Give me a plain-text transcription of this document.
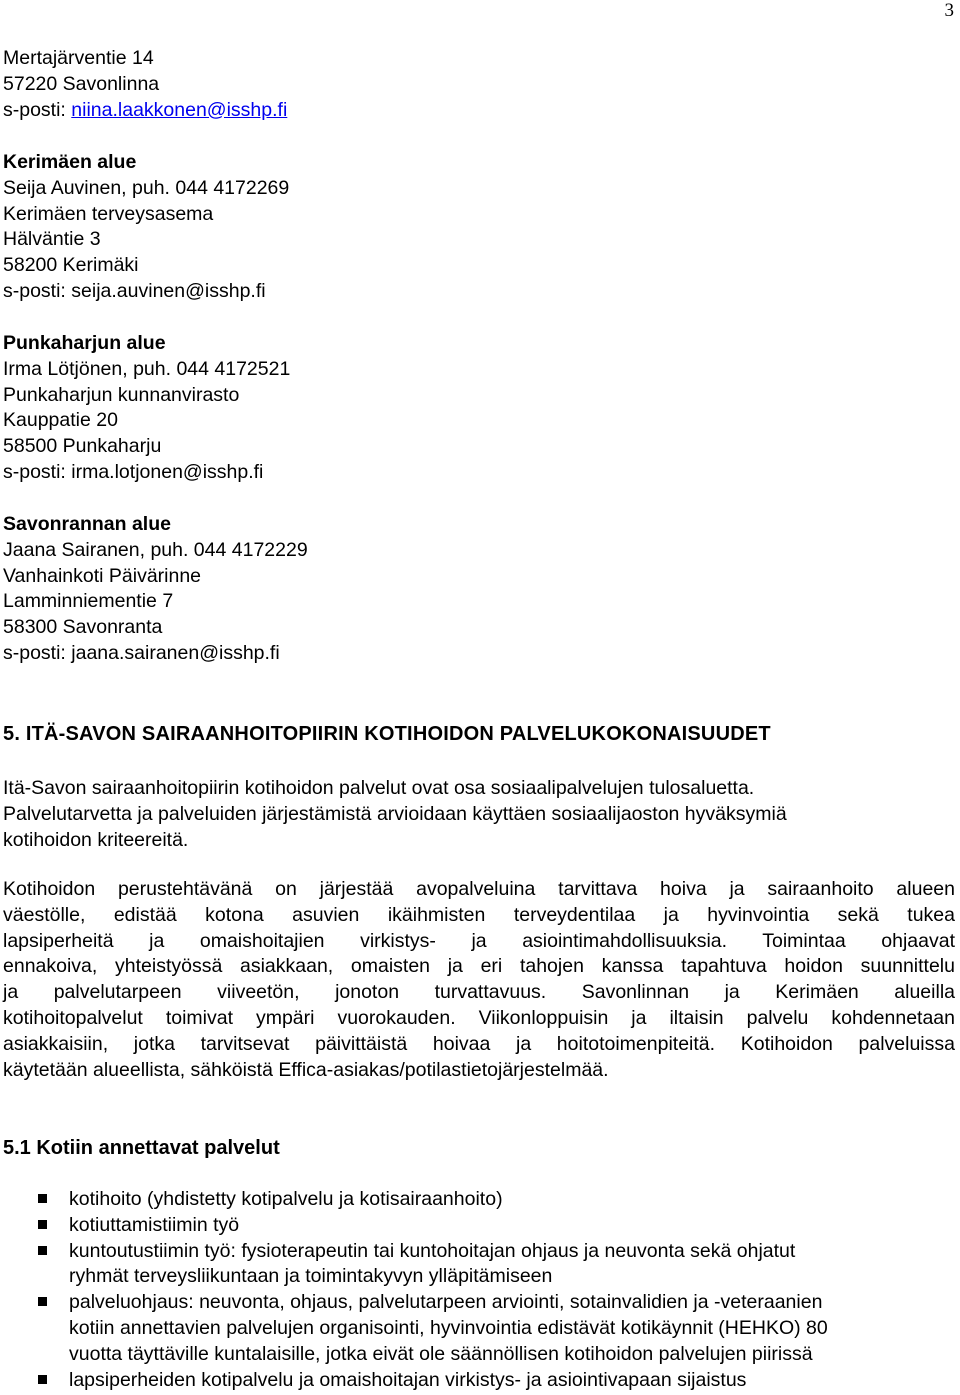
3
Mertajärventie 14
57220 Savonlinna
s-posti: niina.laakkonen@isshp.fi
Kerimäen alue
Seija Auvinen, puh. 044 4172269
Kerimäen terveysasema
Hälväntie 3
58200 Kerimäki
s-posti: seija.auvinen@isshp.fi
Punkaharjun alue
Irma Lötjönen, puh. 044 4172521
Punkaharjun kunnanvirasto
Kauppatie 20
58500 Punkaharju
s-posti: irma.lotjonen@isshp.fi
Savonrannan alue
Jaana Sairanen, puh. 044 4172229
Vanhainkoti Päivärinne
Lamminniementie 7
58300 Savonranta
s-posti: jaana.sairanen@isshp.fi
5. ITÄ-SAVON SAIRAANHOITOPIIRIN KOTIHOIDON PALVELUKOKONAISUUDET
Itä-Savon sairaanhoitopiirin kotihoidon palvelut ovat osa sosiaalipalvelujen tulosaluetta.
Palvelutarvetta ja palveluiden järjestämistä arvioidaan käyttäen sosiaalijaoston hyväksymiä
kotihoidon kriteereitä.
Kotihoidon perustehtävänä on järjestää avopalveluina tarvittava hoiva ja sairaanhoito alueen
väestölle, edistää kotona asuvien ikäihmisten terveydentilaa ja hyvinvointia sekä tukea
lapsiperheitä ja omaishoitajien virkistys- ja asiointimahdollisuuksia. Toimintaa ohjaavat
ennakoiva, yhteistyössä asiakkaan, omaisten ja eri tahojen kanssa tapahtuva hoidon suunnittelu
ja palvelutarpeen viiveetön, jonoton turvattavuus. Savonlinnan ja Kerimäen alueilla
kotihoitopalvelut toimivat ympäri vuorokauden. Viikonloppuisin ja iltaisin palvelu kohdennetaan
asiakkaisiin, jotka tarvitsevat päivittäistä hoivaa ja hoitotoimenpiteitä. Kotihoidon palveluissa
käytetään alueellista, sähköistä Effica-asiakas/potilastietojärjestelmää.
5.1 Kotiin annettavat palvelut
kotihoito (yhdistetty kotipalvelu ja kotisairaanhoito)
kotiuttamistiimin työ
kuntoutustiimin työ: fysioterapeutin tai kuntohoitajan ohjaus ja neuvonta sekä ohjatut
ryhmät terveysliikuntaan ja toimintakyvyn ylläpitämiseen
palveluohjaus: neuvonta, ohjaus, palvelutarpeen arviointi, sotainvalidien ja -veteraanien
kotiin annettavien palvelujen organisointi, hyvinvointia edistävät kotikäynnit (HEHKO) 80
vuotta täyttäville kuntalaisille, jotka eivät ole säännöllisen kotihoidon palvelujen piirissä
lapsiperheiden kotipalvelu ja omaishoitajan virkistys- ja asiointivapaan sijaistus
